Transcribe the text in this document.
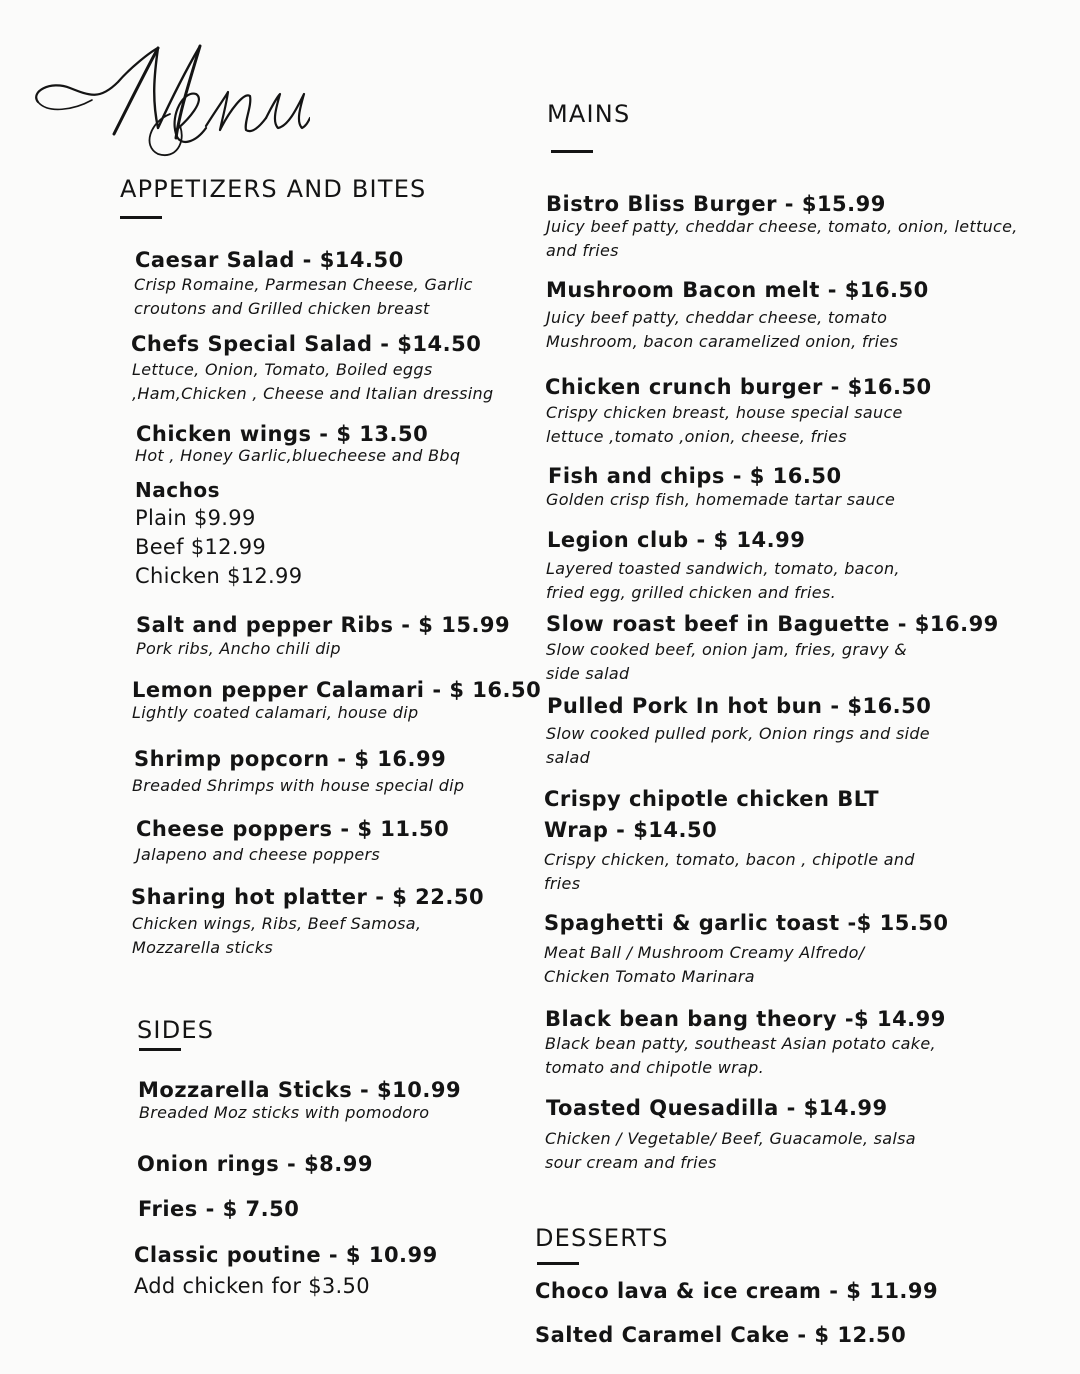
APPETIZERS AND BITES
Caesar Salad - $14.50
Crisp Romaine, Parmesan Cheese, Garlic croutons and Grilled chicken breast
Chefs Special Salad - $14.50
Lettuce, Onion, Tomato, Boiled eggs ,Ham,Chicken , Cheese and Italian dressing
Chicken wings - $ 13.50
Hot , Honey Garlic,bluecheese and Bbq
Nachos
Plain $9.99
Beef $12.99
Chicken $12.99
Salt and pepper Ribs - $ 15.99
Pork ribs, Ancho chili dip
Lemon pepper Calamari - $ 16.50
Lightly coated calamari, house dip
Shrimp popcorn - $ 16.99
Breaded Shrimps with house special dip
Cheese poppers - $ 11.50
Jalapeno and cheese poppers
Sharing hot platter - $ 22.50
Chicken wings, Ribs, Beef Samosa, Mozzarella sticks
SIDES
Mozzarella Sticks - $10.99
Breaded Moz sticks with pomodoro
Onion rings - $8.99
Fries - $ 7.50
Classic poutine - $ 10.99
Add chicken for $3.50
MAINS
Bistro Bliss Burger - $15.99
Juicy beef patty, cheddar cheese, tomato, onion, lettuce, and fries
Mushroom Bacon melt - $16.50
Juicy beef patty, cheddar cheese, tomato Mushroom, bacon caramelized onion, fries
Chicken crunch burger - $16.50
Crispy chicken breast, house special sauce lettuce ,tomato ,onion, cheese, fries
Fish and chips - $ 16.50
Golden crisp fish, homemade tartar sauce
Legion club - $ 14.99
Layered toasted sandwich, tomato, bacon, fried egg, grilled chicken and fries.
Slow roast beef in Baguette - $16.99
Slow cooked beef, onion jam, fries, gravy & side salad
Pulled Pork In hot bun - $16.50
Slow cooked pulled pork, Onion rings and side salad
Crispy chipotle chicken BLT
Wrap - $14.50
Crispy chicken, tomato, bacon , chipotle and fries
Spaghetti & garlic toast -$ 15.50
Meat Ball / Mushroom Creamy Alfredo/ Chicken Tomato Marinara
Black bean bang theory -$ 14.99
Black bean patty, southeast Asian potato cake, tomato and chipotle wrap.
Toasted Quesadilla - $14.99
Chicken / Vegetable/ Beef, Guacamole, salsa sour cream and fries
DESSERTS
Choco lava & ice cream - $ 11.99
Salted Caramel Cake - $ 12.50
